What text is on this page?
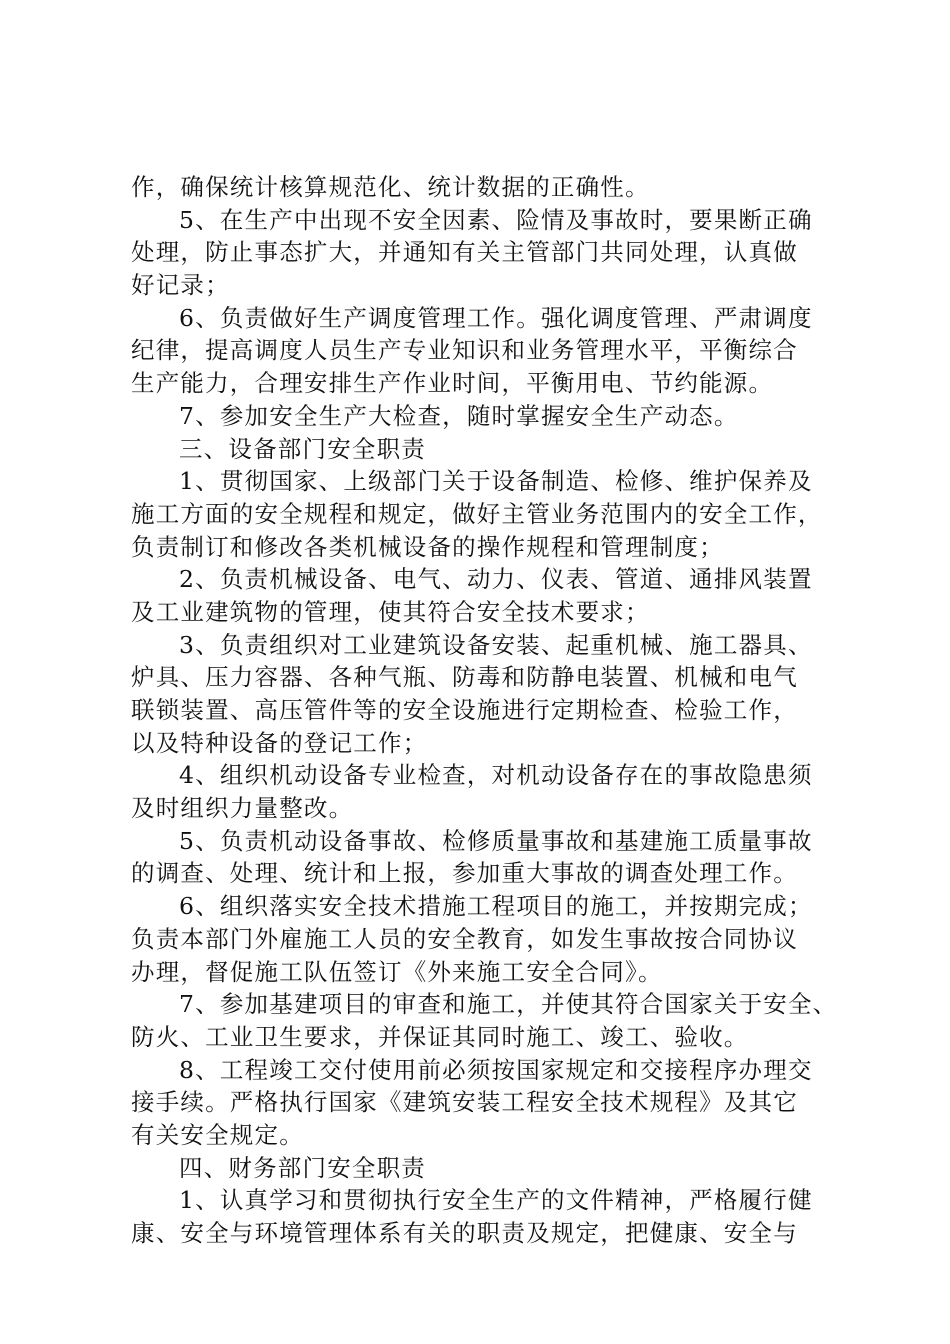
作，确保统计核算规范化、统计数据的正确性。
5、在生产中出现不安全因素、险情及事故时，要果断正确
处理，防止事态扩大，并通知有关主管部门共同处理，认真做
好记录；
6、负责做好生产调度管理工作。强化调度管理、严肃调度
纪律，提高调度人员生产专业知识和业务管理水平，平衡综合
生产能力，合理安排生产作业时间，平衡用电、节约能源。
7、参加安全生产大检查，随时掌握安全生产动态。
三、设备部门安全职责
1、贯彻国家、上级部门关于设备制造、检修、维护保养及
施工方面的安全规程和规定，做好主管业务范围内的安全工作，
负责制订和修改各类机械设备的操作规程和管理制度；
2、负责机械设备、电气、动力、仪表、管道、通排风装置
及工业建筑物的管理，使其符合安全技术要求；
3、负责组织对工业建筑设备安装、起重机械、施工器具、
炉具、压力容器、各种气瓶、防毒和防静电装置、机械和电气
联锁装置、高压管件等的安全设施进行定期检查、检验工作，
以及特种设备的登记工作；
4、组织机动设备专业检查，对机动设备存在的事故隐患须
及时组织力量整改。
5、负责机动设备事故、检修质量事故和基建施工质量事故
的调查、处理、统计和上报，参加重大事故的调查处理工作。
6、组织落实安全技术措施工程项目的施工，并按期完成；
负责本部门外雇施工人员的安全教育，如发生事故按合同协议
办理，督促施工队伍签订《外来施工安全合同》。
7、参加基建项目的审查和施工，并使其符合国家关于安全、
防火、工业卫生要求，并保证其同时施工、竣工、验收。
8、工程竣工交付使用前必须按国家规定和交接程序办理交
接手续。严格执行国家《建筑安装工程安全技术规程》及其它
有关安全规定。
四、财务部门安全职责
1、认真学习和贯彻执行安全生产的文件精神，严格履行健
康、安全与环境管理体系有关的职责及规定，把健康、安全与
